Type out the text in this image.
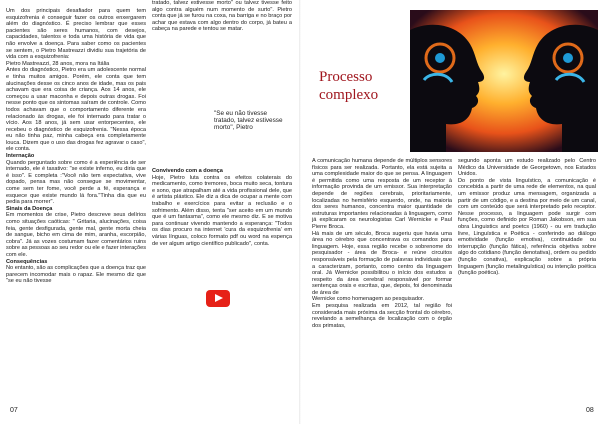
Um dos principais desafiador para quem tem esquizofrenia é conseguir fazer os outros enxergarem além do diagnóstico. É preciso lembrar que esses pacientes são seres humanos, com desejos, capacidades, talentos e toda uma história de vida que não envolve a doença. Para saber como os pacientes se sentem, o Pietro Mastreazzi dividiu sua trajetória de vida com a esquizofrenia:
Pietro Mastreazzi, 28 anos, mora na Itália
Antes do diagnóstico, Pietro era um adolescente normal e tinha muitos amigos. Porém, ele conta que tem alucinações desse os cinco anos de idade, mas os pais achavam que era coisa de criança. Aos 14 anos, ele começou a usar maconha e depois outras drogas. Foi nesse ponto que os sintomas saíram de controle. Como todos achavam que o comportamento diferente era relacionado às drogas, ele foi internado para tratar o vício. Aos 18 anos, já sem usar entorpecentes, ele recebeu o diagnóstico de esquizofrenia. "Nessa época eu não tinha paz, minha cabeça era completamente louca. Dizem que o uso das drogas fez agravar o caso", ele conta.
Internação
Quando perguntado sobre como é a experiência de ser internado, ele é taxativo: "se existe inferno, eu diria que é isso". E completa :"Você não tem expectativa, vive dopado, pensa mas não consegue se movimentar, come sem ter fome, você perde a fé, esperança e esquece que existe mundo lá fora."Tinha dia que eu pedia para morrer".
Sinais da Doença
Em momentos de crise, Pietro descreve seus delírios como situações caóticas: " Gritaria, alucinações, coisa feia, gente desfigurada, gente mal, gente morta cheia de sangue, bicho em cima de mim, aranha, escorpião, cobra". Já as vozes costumam fazer comentários ruins sobre as pessoas ao seu redor ou ele e fazer interações com ele.
Consequências
No entanto, são as complicações que a doença traz que parecem incomodar mais o rapaz. Ele mesmo diz que "se eu não tivesse
tratado, talvez estivesse morto" ou talvez tivesse feito algo contra alguém num momento de surto". Pietro conta que já se furou na coxa, na barriga e no braço por achar que estava com algo dentro do corpo, já bateu a cabeça na parede e tentou se matar.
"Se eu não tivesse tratado, talvez estivesse morto", Pietro
Convivendo com a doença
Hoje, Pietro luta contra os efeitos colaterais do medicamento, como tremores, boca muito seca, tontura e sono, que atrapalham até a vida profissional dele, que é artista plástico. Ele diz a dica de ocupar a mente com trabalho e exercícios para evitar a reclusão e o sofrimento. Além disso, tenta "ser aceito em um mundo que é um fantasma", como ele mesmo diz. E se motiva para continuar vivendo mantendo a esperança: "Todos os dias procuro na internet 'cura da esquizofrenia' em várias línguas, coloco formato pdf ou word na espença de ver algum artigo científico publicado", conta.
07
Processo complexo
A comunicação humana depende de múltiplos sensores físicos para ser realizada. Portanto, ela está sujeita a uma complexidade maior do que se pensa. A linguagem é permitida como uma resposta de um receptor à informação provinda de um emissor. Sua interpretação depende de regiões cerebrais, prioritariamente, localizadas no hemisfério esquerdo, onde, na maioria dos seres humanos, concentra maior quantidade de estruturas importantes relacionadas à linguagem, como já explicaram os neurologistas Carl Wernicke e Paul Pierre Broca.
Há mais de um século, Broca sugeriu que havia uma área no cérebro que concentrava os comandos para linguagem. Hoje, essa região recebe o sobrenome do pesquisador - área de Broca- e reúne circuitos responsáveis pela formação de palavras individuais que a caracterizam, portanto, como centro da linguagem oral. Já Wernicke possibilitou o início dos estudos a respeito da área cerebral responsável por formar sentenças orais e escritas, que, depois, foi denominada de área de
Wernicke como homenagem ao pesquisador.
Em pesquisa realizada em 2012, tal região foi considerada mais próxima da secção frontal do cérebro, revelando a semelhança de localização com o órgão dos primatas,
segundo aponta um estudo realizado pelo Centro Médico da Universidade de Georgetown, nos Estados Unidos.
Do ponto de vista linguístico, a comunicação é concebida a partir de uma rede de elementos, na qual um emissor produz uma mensagem, organizada a partir de um código, e a destina por meio de um canal, com um conteúdo que será interpretado pelo receptor. Nesse processo, a linguagem pode surgir com funções, como definido por Roman Jakobson, em sua obra Linguistics and poetcs (1960) - ou em tradução livre, Linguística e Poética - conferindo ao diálogo emotividade (função emotiva), continuidade ou interrupção (função fática), referência objetiva sobre algo do cotidiano (função denotativa), ordem ou pedido (função conativa), explicação sobre a própria linguagem (função metalinguística) ou intenção poética (função poética).
08
